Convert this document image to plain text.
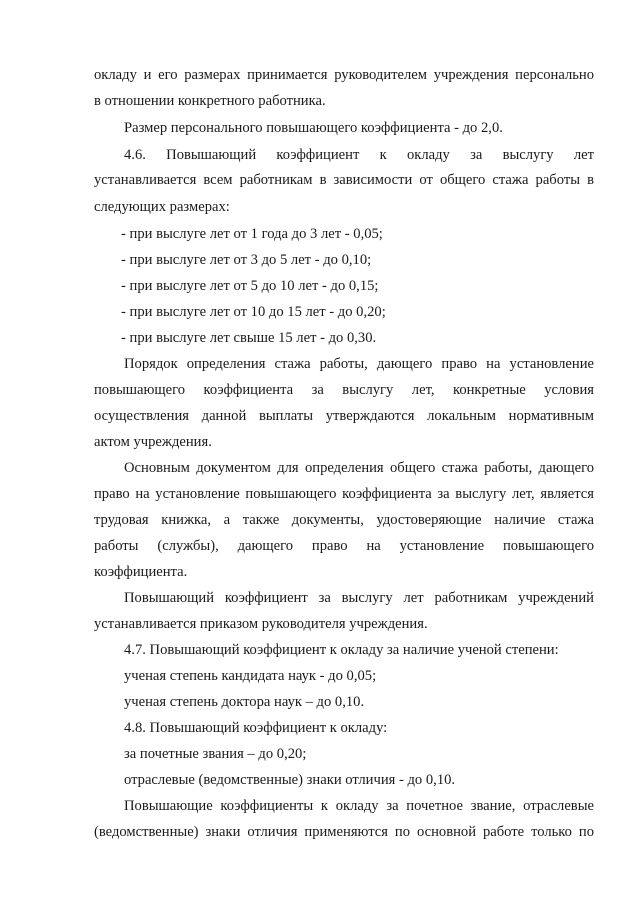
окладу и его размерах принимается руководителем учреждения персонально
в отношении конкретного работника.
Размер персонального повышающего коэффициента - до 2,0.
4.6. Повышающий коэффициент к окладу за выслугу лет
устанавливается всем работникам в зависимости от общего стажа работы в
следующих размерах:
- при выслуге лет от 1 года до 3 лет - 0,05;
- при выслуге лет от 3 до 5 лет - до 0,10;
- при выслуге лет от 5 до 10 лет - до 0,15;
- при выслуге лет от 10 до 15 лет - до 0,20;
- при выслуге лет свыше 15 лет - до 0,30.
Порядок определения стажа работы, дающего право на установление
повышающего коэффициента за выслугу лет, конкретные условия
осуществления данной выплаты утверждаются локальным нормативным
актом учреждения.
Основным документом для определения общего стажа работы, дающего
право на установление повышающего коэффициента за выслугу лет, является
трудовая книжка, а также документы, удостоверяющие наличие стажа
работы (службы), дающего право на установление повышающего
коэффициента.
Повышающий коэффициент за выслугу лет работникам учреждений
устанавливается приказом руководителя учреждения.
4.7. Повышающий коэффициент к окладу за наличие ученой степени:
ученая степень кандидата наук - до 0,05;
ученая степень доктора наук – до 0,10.
4.8. Повышающий коэффициент к окладу:
за почетные звания – до 0,20;
отраслевые (ведомственные) знаки отличия - до 0,10.
Повышающие коэффициенты к окладу за почетное звание, отраслевые
(ведомственные) знаки отличия применяются по основной работе только по
